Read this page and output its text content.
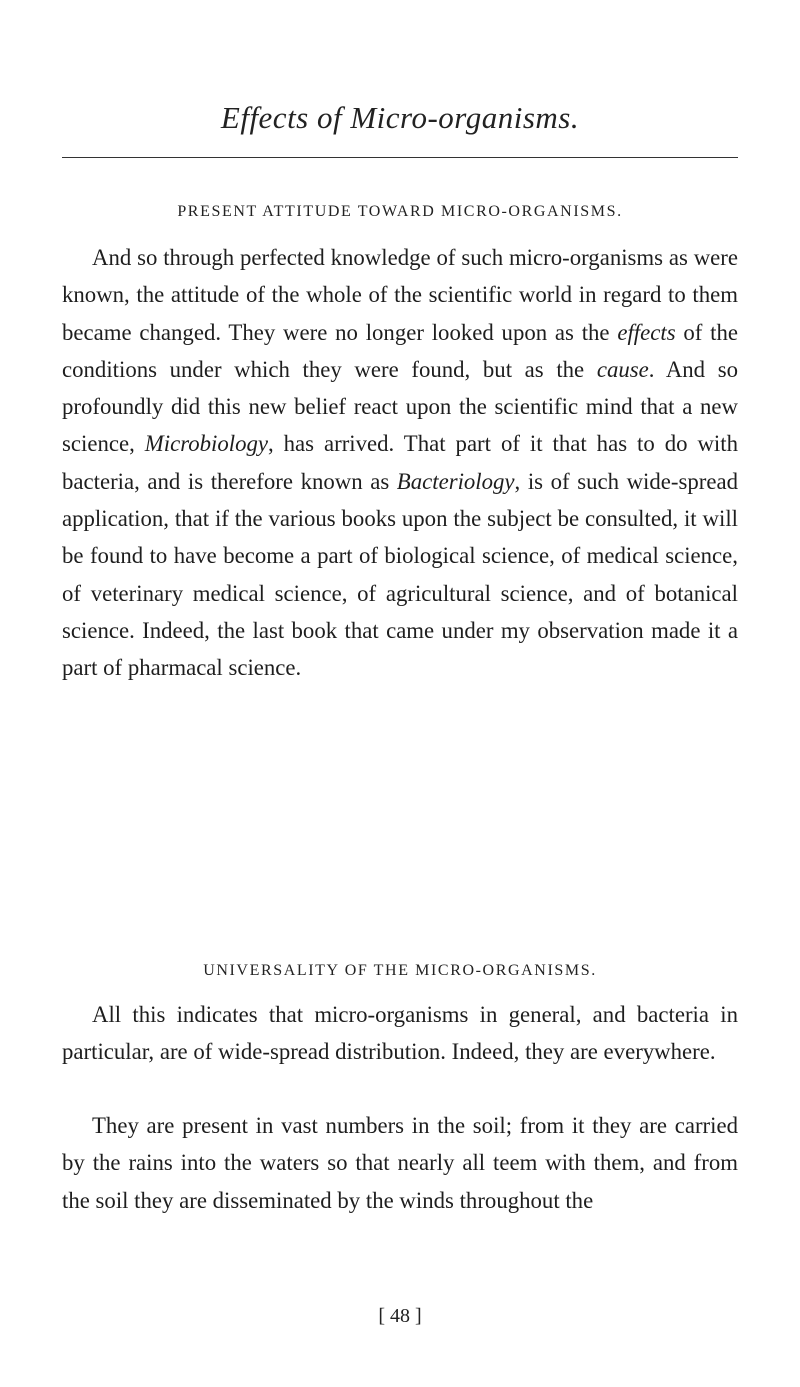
Effects of Micro-organisms.
PRESENT ATTITUDE TOWARD MICRO-ORGANISMS.

And so through perfected knowledge of such micro-organisms as were known, the attitude of the whole of the scientific world in regard to them became changed. They were no longer looked upon as the effects of the conditions under which they were found, but as the cause. And so profoundly did this new belief react upon the scientific mind that a new science, Microbiology, has arrived. That part of it that has to do with bacteria, and is therefore known as Bacteriology, is of such wide-spread application, that if the various books upon the subject be consulted, it will be found to have become a part of biological science, of medical science, of veterinary medical science, of agricultural science, and of botanical science. Indeed, the last book that came under my observation made it a part of pharmacal science.

UNIVERSALITY OF THE MICRO-ORGANISMS.

All this indicates that micro-organisms in general, and bacteria in particular, are of wide-spread distribution. Indeed, they are everywhere.

They are present in vast numbers in the soil; from it they are carried by the rains into the waters so that nearly all teem with them, and from the soil they are disseminated by the winds throughout the

[ 48 ]
